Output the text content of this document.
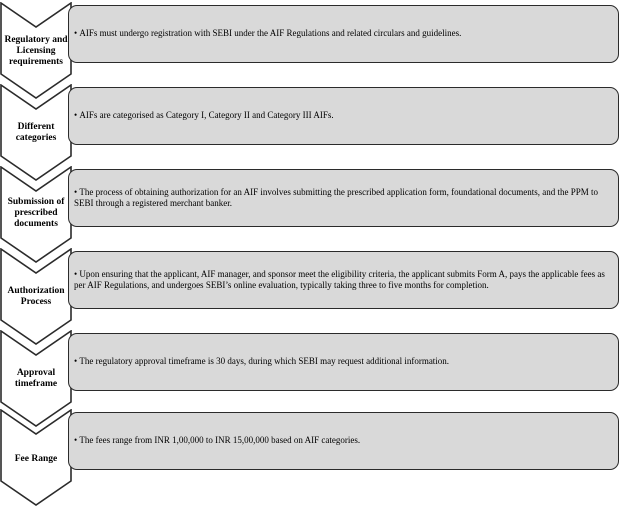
Regulatory and Licensing requirements
• AIFs must undergo registration with SEBI under the AIF Regulations and related circulars and guidelines.
Different categories
• AIFs are categorised as Category I, Category II and Category III AIFs.
Submission of prescribed documents
• The process of obtaining authorization for an AIF involves submitting the prescribed application form, foundational documents, and the PPM to SEBI through a registered merchant banker.
Authorization Process
• Upon ensuring that the applicant, AIF manager, and sponsor meet the eligibility criteria, the applicant submits Form A, pays the applicable fees as per AIF Regulations, and undergoes SEBI’s online evaluation, typically taking three to five months for completion.
Approval timeframe
• The regulatory approval timeframe is 30 days, during which SEBI may request additional information.
Fee Range
• The fees range from INR 1,00,000 to INR 15,00,000 based on AIF categories.
